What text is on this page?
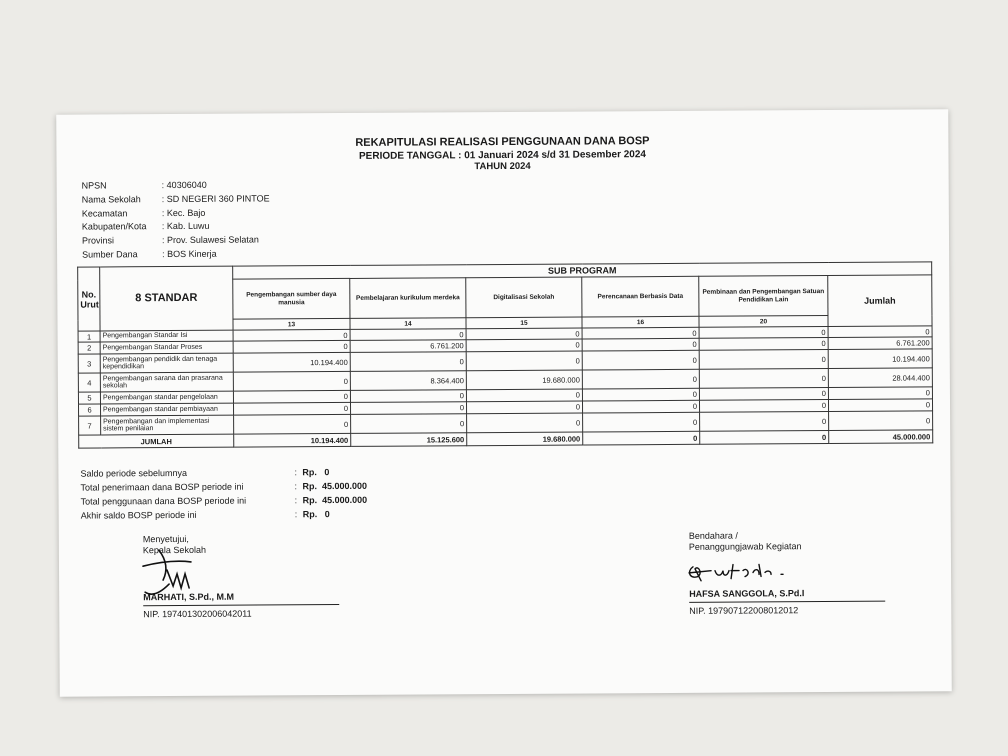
REKAPITULASI REALISASI PENGGUNAAN DANA BOSP
PERIODE TANGGAL : 01 Januari 2024 s/d 31 Desember 2024
TAHUN 2024
NPSN	: 40306040
Nama Sekolah	: SD NEGERI 360 PINTOE
Kecamatan	: Kec. Bajo
Kabupaten/Kota	: Kab. Luwu
Provinsi	: Prov. Sulawesi Selatan
Sumber Dana	: BOS Kinerja
No. Urut	8 STANDAR	SUB PROGRAM					
		Pengembangan sumber daya manusia	Pembelajaran kurikulum merdeka	Digitalisasi Sekolah	Perencanaan Berbasis Data	Pembinaan dan Pengembangan Satuan Pendidikan Lain	Jumlah
		13	14	15	16	20	
1	Pengembangan Standar Isi	0	0	0	0	0	0
2	Pengembangan Standar Proses	0	6.761.200	0	0	0	6.761.200
3	Pengembangan pendidik dan tenaga kependidikan	10.194.400	0	0	0	0	10.194.400
4	Pengembangan sarana dan prasarana sekolah	0	8.364.400	19.680.000	0	0	28.044.400
5	Pengembangan standar pengelolaan	0	0	0	0	0	0
6	Pengembangan standar pembiayaan	0	0	0	0	0	0
7	Pengembangan dan implementasi sistem penilaian	0	0	0	0	0	0
JUMLAH		10.194.400	15.125.600	19.680.000	0	0	45.000.000
Saldo periode sebelumnya	: Rp.   0
Total penerimaan dana BOSP periode ini	: Rp.  45.000.000
Total penggunaan dana BOSP periode ini	: Rp.  45.000.000
Akhir saldo BOSP periode ini	: Rp.   0
Menyetujui,
Kepala Sekolah
MARHATI, S.Pd., M.M
NIP. 197401302006042011
Bendahara /
Penanggungjawab Kegiatan
HAFSA SANGGOLA, S.Pd.I
NIP. 197907122008012012
